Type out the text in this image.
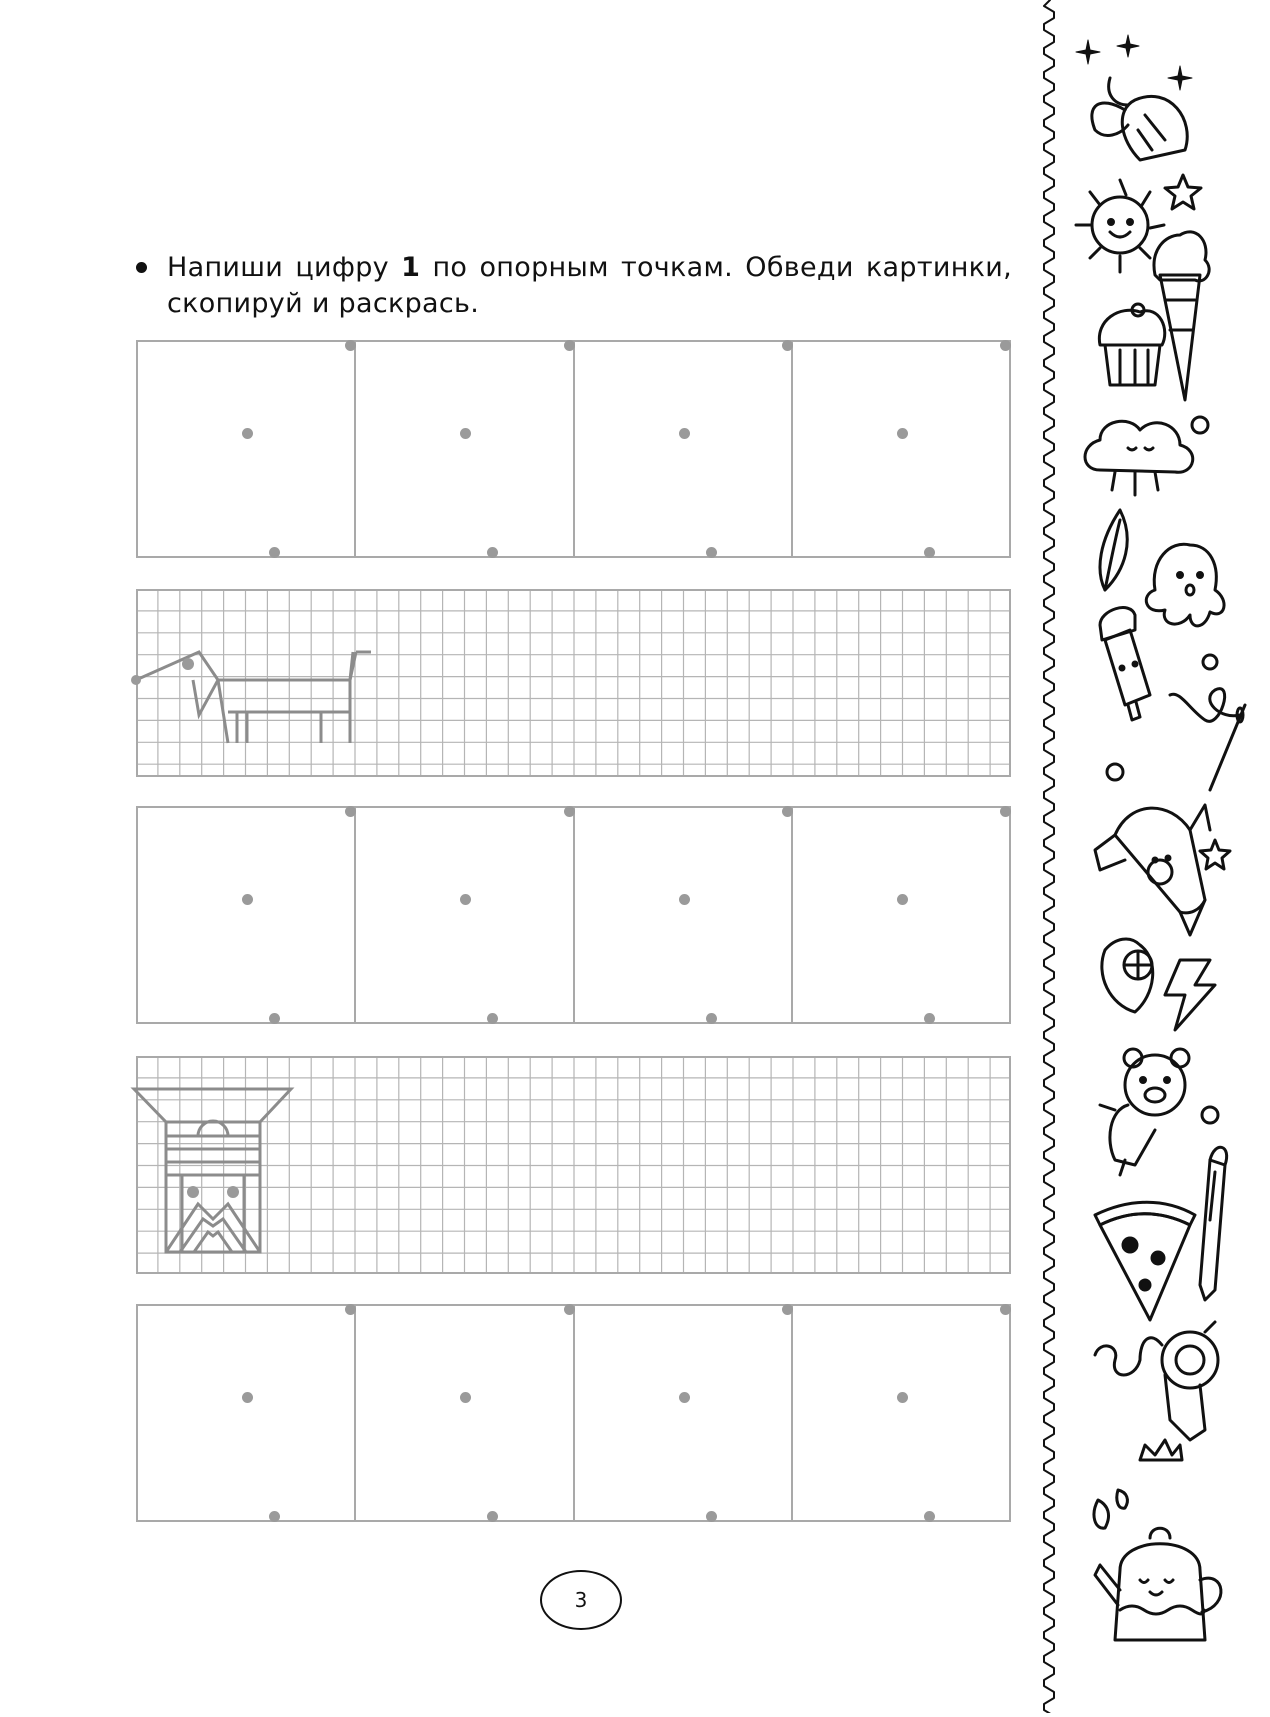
Напиши цифру 1 по опорным точкам. Обведи картинки, скопируй и раскрась.
3
